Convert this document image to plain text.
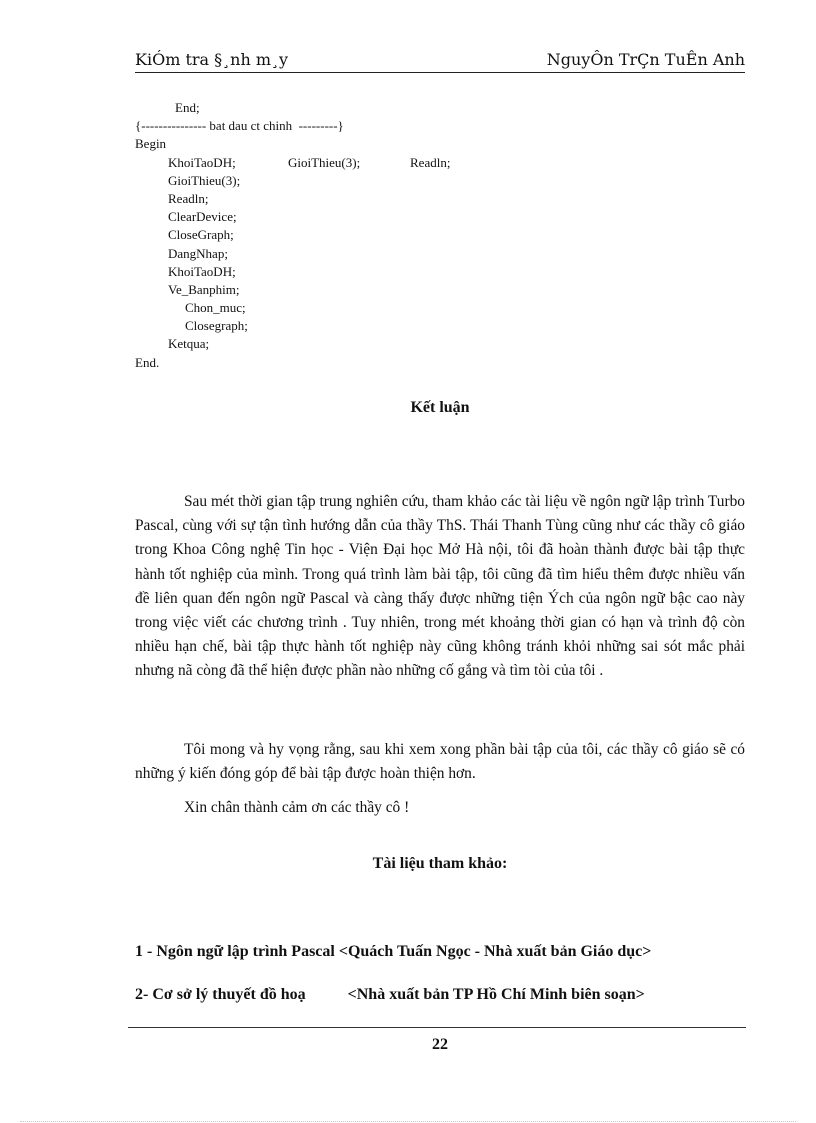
KiÓm tra §¸nh m¸y	NguyÔn TrÇn TuÊn Anh
End;
{--------------- bat dau ct chinh  ---------}
Begin
KhoiTaoDH;	GioiThieu(3);	Readln;
GioiThieu(3);
Readln;
ClearDevice;
CloseGraph;
DangNhap;
KhoiTaoDH;
Ve_Banphim;
Chon_muc;
Closegraph;
Ketqua;
End.
Kết luận
Sau mét thời gian tập trung nghiên cứu, tham khảo các tài liệu về ngôn ngữ lập trình Turbo Pascal, cùng với sự tận tình hướng dẫn của thầy ThS. Thái Thanh Tùng cũng như các thầy cô giáo trong Khoa Công nghệ Tin học - Viện Đại học Mở Hà nội, tôi đã hoàn thành được bài tập thực hành tốt nghiệp của mình. Trong quá trình làm bài tập, tôi cũng đã tìm hiểu thêm được nhiều vấn đề liên quan đến ngôn ngữ Pascal và càng thấy được những tiện Ých của ngôn ngữ bậc cao này trong việc viết các chương trình . Tuy nhiên, trong mét khoảng thời gian có hạn và trình độ còn nhiều hạn chế, bài tập thực hành tốt nghiệp này cũng không tránh khỏi những sai sót mắc phải nhưng nã còng đã thể hiện được phần nào những cố gắng và tìm tòi của tôi .
Tôi mong và hy vọng rằng, sau khi xem xong phần bài tập của tôi, các thầy cô giáo sẽ có những ý kiến đóng góp để bài tập được hoàn thiện hơn.
Xin chân thành cảm ơn các thầy cô !
Tài liệu tham khảo:
1 - Ngôn ngữ lập trình Pascal <Quách Tuấn Ngọc - Nhà xuất bản Giáo dục>
2- Cơ sở lý thuyết đồ hoạ	<Nhà xuất bản TP Hồ Chí Minh biên soạn>
22
